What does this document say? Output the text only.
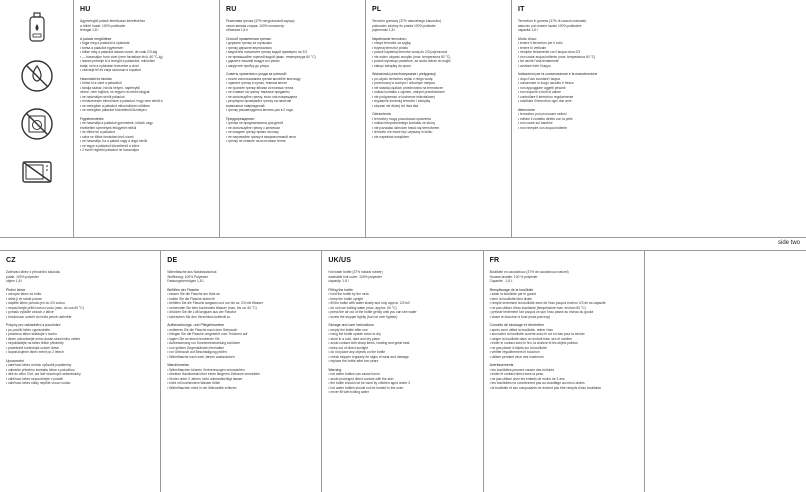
HU
Ágymelegítő palack termikusan kezeléséhez
a hőtört huzat: 100% poliészter
térfogat 1,8 l
A palack megtöltése
• fogja meg a palackot a nyakánál
• tartsa a palackot egyenesen
• töltse meg a palackot lassan vízzel, de csak 2/3-áig
• — használjon forró vizet (nem forrásban lévő, 60 °C-ig)
• lassan préselje ki a levegőt a palackból, miközben
tartja; nem a nyílásban levezetve a vizet
• csavarja fel és zárja szorosan a kupakot
Használat és tárolás
• ürítse ki a vizet a palackból
• tárolja száraz, hűvös helyen, napfénytől
védve, nem hajlítva, ne tegyen rá nehéz tárgyat
• ne használjon sérült palackot
• rendszeresen ellenőrizze a palackot, hogy nem sérült-e
• ne melegítse a palackot mikrohullámú sütőben
• ne melegítse palackot közvetlenül tűzhelyen
Figyelmeztetés
• ne használja a palackot gyermekek, idősek vagy
érzéketlen személyek felügyelet nélkül
• ne töltse túl a palackot
• soha ne töltse forrásban lévő vízzel
• ne használja, ha a palack vagy a dugó sérült
• ne tegye a palackot közvetlenül a bőrre
• 2 évnél régebbi palackot ne használjon
RU
Резиновая грелка (37% натуральный каучук)
чехол-мягкая стирка: 100% полиэстер
объемом 1,8 л
Способ применения грелки:
• держите грелку за горлышко
• грелку держите вертикально
• медленно наполните грелку водой примерно на 2/3
• не превышайте горячей водой (макс. температура 60 °C)
• удалите лишний воздух из грелки
• закрутите пробку до упора
Советы хранения и ухода за грелкой:
• после использования грелки вылейте всю воду
• храните грелку в сухом, темном месте
• не храните грелку вблизи источника тепла
• не ставьте на грелку тяжелые предметы
• не используйте грелку, если она повреждена
• регулярно проверяйте грелку на наличие
возможных повреждений
• грелку рекомендуется менять раз в 2 года
Предупреждение:
• грелка не предназначена для детей
• не используйте грелку с кипятком
• не кладите грелку прямо на кожу
• не нагревайте грелку в микроволновой печи
• грелку не ставьте на источники тепла
PL
Termofor gumowy (37% naturalnego kauczuku)
pokrowiec zdobny do prania 100% poliester
pojemność 1,8 l
Napełnianie termoforu
• chwyć termofor za szyjkę
• trzymaj termofor prosto
• powoli napełniaj termofor wodą do 2/3 pojemności
• nie wolno używać wrzątku (max. temperatura 60 °C)
• powoli wycisnąć powietrze, aż woda dotrze do szyjki
• zakręć zakrętkę do oporu
Wskazówki przechowywania i pielęgnacji
• po użyciu termoforu wylać z niego wodę
• przechowuj w suchym i chłodnym miejscu
• nie stawiaj ciężkich przedmiotów na termoforze
• unikać kontaktu z ogniem, ostrymi przedmiotami
• nie podgrzewać w kuchence mikrofalowej
• regularnie kontroluj termofor i zakrętkę
• używać nie dłużej niż dwa lata
Ostrzeżenia
• termofory mogą powodować oparzenia
• unikać bezpośredniego kontaktu ze skórą
• nie pozwalać dzieciom bawić się termoforem
• termofor nie może być używany w łóżku
• nie napełniać wrzątkiem
IT
Termoforo in gomma (37% di caucciù naturale)
astuccio può essere lavato 100% poliestere
capacità 1,8 l
Modo d'uso:
• tenere il termoforo per il collo
• tenere in verticale
• riempire lentamente con l'acqua circa 2/3
• non usare acqua bollente (max. temperatura 60 °C)
• far uscire l'aria lentamente
• avvitare forte il tappo
Indicazioni per la conservazione e la manutenzione
• dopo l'uso svuotare l'acqua
• conservare in luogo asciutto e fresco
• non appoggiare oggetti pesanti
• non esporre a fonti di calore
• controllare il termoforo regolarmente
• sostituire il termoforo ogni due anni
Attenzione:
• termoforo può provocare ustioni
• evitare il contatto diretto con la pelle
• non usare sui bambini
• non riempire con acqua bollente
side two
CZ
Zahřívací láhev z přírodního kaučuku
potah: 100% polyester
objem 1,8 l
Plnění láhve
• uchopte láhev za hrdlo
• držte ji ve svislé poloze
• naplňte láhev pomalu jen do 2/3 vodou
• nepoužívejte příliš horkou vodu (max. do cca 60 °C)
• pomalu vytlačte vzduch z láhve
• šroubovací uzávěr do hrdla pevně utáhněte
Pokyny pro uskladnění a používání
• po použití láhev vyprázdněte
• prázdnou láhev skladujte v suchu
• láhev uchovávejte mimo dosah slunečního záření
• nepokládejte na láhev těžké předměty
• pravidelně kontrolujte uzávěr láhve
• doporučujeme láhev měnit po 2 letech
Upozornění
• zahřívací láhev mohou způsobit popáleniny
• zabraňte přímému kontaktu láhve s pokožkou
• děti do věku 3 let, ani lidé neschopní sebeobsluhy
• zahřívací láhev nepoužívejte v posteli
• zahřívací láhev nikdy neplňte vroucí vodou
DE
Wärmflasche aus Naturkautschuk
Stoffbezug: 100% Polyester
Fassungsvermögen 1,8 L
Befüllen der Flasche
• fassen Sie die Flasche am Hals an
• halten Sie die Flasche aufrecht
• befüllen Sie die Flasche langsam und nur bis ca. 2/3 mit Wasser
• verwenden Sie kein kochendes Wasser (max. bis ca. 60 °C)
• drücken Sie die Luft langsam aus der Flasche
• schrauben Sie den Verschluss kraftvoll zu
Aufbewahrungs- und Pflegehinweise
• entleeren Sie die Flasche nach dem Gebrauch
• hängen Sie die Flasche umgekehrt zum Trocknen auf
• lagern Sie an einem trockenen Ort
• Aufbewahrung vor Sonneneinstrahlung schützen
• von spitzen Gegenständen fernhalten
• vor Gebrauch auf Beschädigung prüfen
• Wärmflasche nach zwei Jahren austauschen
Warnhinweise
• Wärmflaschen können Verbrennungen verursachen
• direkten Hautkontakt über einen längeren Zeitraum vermeiden
• Kinder unter 3 Jahren nicht unbeaufsichtigt lassen
• nicht mit kochendem Wasser füllen
• Wärmflaschen nicht in der Mikrowelle erhitzen
UK/US
Hot water bottle (37% natural rubber)
washable knit cover: 100% polyester
capacity: 1.8 l
Filling the bottle
• hold the bottle by the neck
• keep the bottle upright
• fill the bottle with water slowly and only approx. 2/3 full
• do not use boiling water (max. approx. 60 °C)
• press the air out of the bottle gently until you can see water
• screw the stopper tightly (but not over tighten)
Storage and care instructions
• empty the bottle after use
• hang the bottle upside down to dry
• store in a cool, dark and dry place
• avoid contact with sharp items, heating and great heat
• keep out of direct sunlight
• do not place any objects on the bottle
• check stopper regularly for signs of wear and damage
• replace the bottle after two years
Warning
• hot water bottles can cause burns
• avoid prolonged direct contact with the skin
• the bottle should not be used by children aged under 3
• hot water bottles should not be heated in the oven
• never fill with boiling water
FR
Bouillotte en caoutchouc (37% de caoutchouc naturel)
Housse lavable: 100 % polyester
Capacité : 1,8 L
Remplissage de la bouillotte
• saisir la bouillotte par le goulot
• tenir la bouillotte bien droite
• remplir lentement la bouillotte avec de l'eau jusqu'à environ 2/3 de sa capacité
• ne pas utiliser d'eau bouillante (température max. environ 60 °C)
• presser lentement l'air jusqu'à ce que l'eau passe au niveau du goulot
• visser le bouchon à fond (mais pas trop)
Conseils de stockage et d'entretien
• après avoir utilisé la bouillotte, retirer l'eau
• accrocher la bouillotte ouverte avec le col en bas pour la sécher
• ranger la bouillotte dans un endroit frais, sec et sombre
• éviter le contact avec le feu, la chaleur et les objets pointus
• ne pas placer d'objets sur la bouillotte
• vérifier régulièrement le bouchon
• utiliser pendant deux ans maximum
Avertissements
• les bouillottes peuvent causer des brûlures
• éviter le contact direct avec la peau
• ne pas utiliser chez les enfants de moins de 3 ans
• les bouillottes ne conviennent pas au chauffage au micro-ondes
• la bouillotte et ses composants ne doivent pas être remplis d'eau bouillante
